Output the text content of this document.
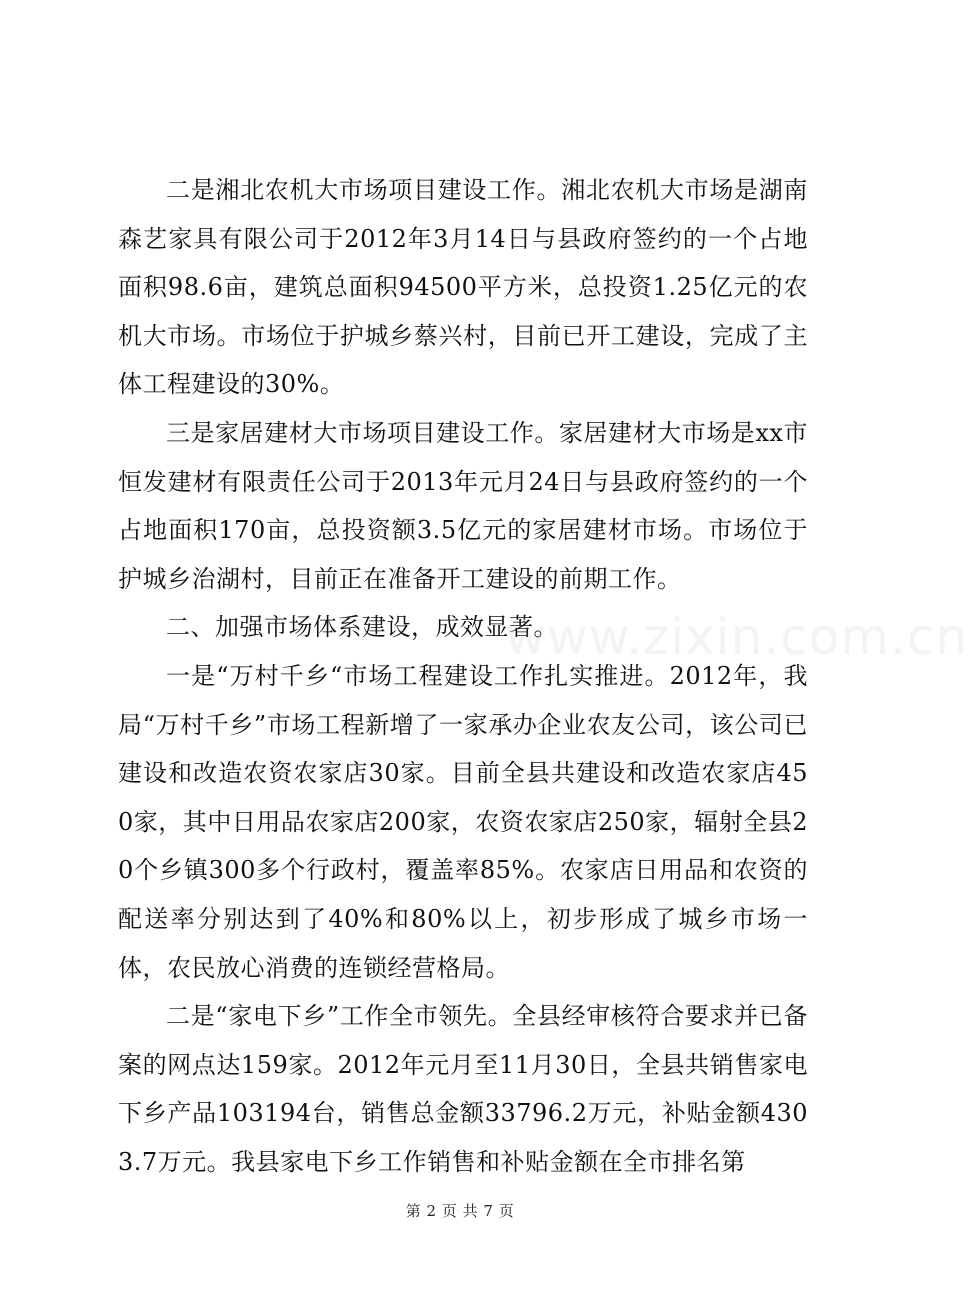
二是湘北农机大市场项目建设工作。湘北农机大市场是湖南森艺家具有限公司于2012年3月14日与县政府签约的一个占地面积98.6亩，建筑总面积94500平方米，总投资1.25亿元的农机大市场。市场位于护城乡蔡兴村，目前已开工建设，完成了主体工程建设的30%。

三是家居建材大市场项目建设工作。家居建材大市场是xx市恒发建材有限责任公司于2013年元月24日与县政府签约的一个占地面积170亩，总投资额3.5亿元的家居建材市场。市场位于护城乡治湖村，目前正在准备开工建设的前期工作。

二、加强市场体系建设，成效显著。

一是“万村千乡“市场工程建设工作扎实推进。2012年，我局“万村千乡”市场工程新增了一家承办企业农友公司，该公司已建设和改造农资农家店30家。目前全县共建设和改造农家店450家，其中日用品农家店200家，农资农家店250家，辐射全县20个乡镇300多个行政村，覆盖率85%。农家店日用品和农资的配送率分别达到了40%和80%以上，初步形成了城乡市场一体，农民放心消费的连锁经营格局。

二是“家电下乡”工作全市领先。全县经审核符合要求并已备案的网点达159家。2012年元月至11月30日，全县共销售家电下乡产品103194台，销售总金额33796.2万元，补贴金额4303.7万元。我县家电下乡工作销售和补贴金额在全市排名第

www.zixin.com.cn
第 2 页 共 7 页
